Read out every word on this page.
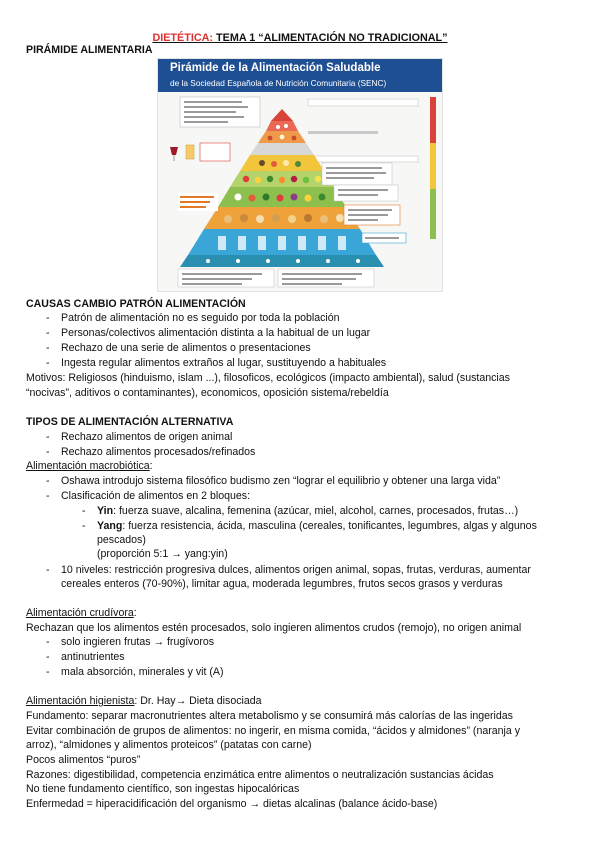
DIETÉTICA: TEMA 1 “ALIMENTACIÓN NO TRADICIONAL”
PIRÁMIDE ALIMENTARIA
Pirámide de la Alimentación Saludable
de la Sociedad Española de Nutrición Comunitaria (SENC)
CAUSAS CAMBIO PATRÓN ALIMENTACIÓN
- Patrón de alimentación no es seguido por toda la población
- Personas/colectivos alimentación distinta a la habitual de un lugar
- Rechazo de una serie de alimentos o presentaciones
- Ingesta regular alimentos extraños al lugar, sustituyendo a habituales
Motivos: Religiosos (hinduismo, islam ...), filosoficos, ecológicos (impacto ambiental), salud (sustancias
“nocivas”, aditivos o contaminantes), economicos, oposición sistema/rebeldía
TIPOS DE ALIMENTACIÓN ALTERNATIVA
- Rechazo alimentos de origen animal
- Rechazo alimentos procesados/refinados
Alimentación macrobiótica:
- Oshawa introdujo sistema filosófico budismo zen “lograr el equilibrio y obtener una larga vida”
- Clasificación de alimentos en 2 bloques:
- Yin: fuerza suave, alcalina, femenina (azúcar, miel, alcohol, carnes, procesados, frutas…)
- Yang: fuerza resistencia, ácida, masculina (cereales, tonificantes, legumbres, algas y algunos
pescados)
(proporción 5:1 → yang:yin)
- 10 niveles: restricción progresiva dulces, alimentos origen animal, sopas, frutas, verduras, aumentar
cereales enteros (70-90%), limitar agua, moderada legumbres, frutos secos grasos y verduras
Alimentación crudívora:
Rechazan que los alimentos estén procesados, solo ingieren alimentos crudos (remojo), no origen animal
- solo ingieren frutas → frugívoros
- antinutrientes
- mala absorción, minerales y vit (A)
Alimentación higienista: Dr. Hay→ Dieta disociada
Fundamento: separar macronutrientes altera metabolismo y se consumirá más calorías de las ingeridas
Evitar combinación de grupos de alimentos: no ingerir, en misma comida, “ácidos y almidones” (naranja y
arroz), “almidones y alimentos proteicos” (patatas con carne)
Pocos alimentos “puros”
Razones: digestibilidad, competencia enzimática entre alimentos o neutralización sustancias ácidas
No tiene fundamento científico, son ingestas hipocalóricas
Enfermedad = hiperacidificación del organismo → dietas alcalinas (balance ácido-base)
